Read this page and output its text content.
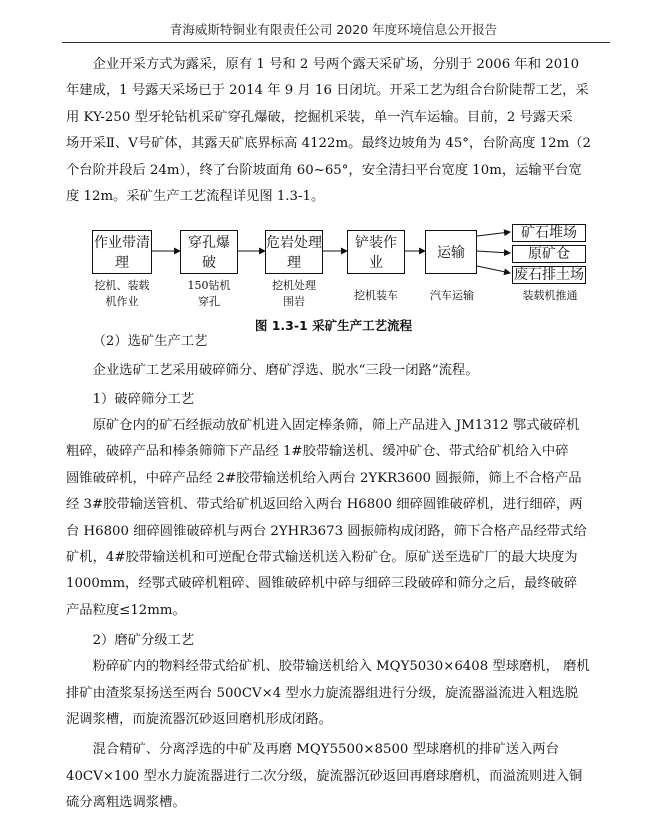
青海威斯特铜业有限责任公司 2020 年度环境信息公开报告

企业开采方式为露采，原有 1 号和 2 号两个露天采矿场，分别于 2006 年和 2010
年建成，1 号露天采场已于 2014 年 9 月 16 日闭坑。开采工艺为组合台阶陡帮工艺，采
用 KY-250 型牙轮钻机采矿穿孔爆破，挖掘机采装，单一汽车运输。目前，2 号露天采
场开采Ⅱ、Ⅴ号矿体，其露天矿底界标高 4122m。最终边坡角为 45°，台阶高度 12m（2
个台阶并段后 24m），终了台阶坡面角 60~65°，安全清扫平台宽度 10m，运输平台宽
度 12m。采矿生产工艺流程详见图 1.3-1。

作业带清
理
穿孔爆
破
危岩处理
理
铲装作
业
运输
矿石堆场
原矿仓
废石排土场
挖机、装载
机作业
150钻机
穿孔
挖机处理
围岩	挖机装车	汽车运输	装载机推通
图 1.3-1 采矿生产工艺流程

（2）选矿生产工艺

企业选矿工艺采用破碎筛分、磨矿浮选、脱水“三段一闭路”流程。

1）破碎筛分工艺

原矿仓内的矿石经振动放矿机进入固定棒条筛，筛上产品进入 JM1312 鄂式破碎机
粗碎，破碎产品和棒条筛筛下产品经 1#胶带输送机、缓冲矿仓、带式给矿机给入中碎
圆锥破碎机，中碎产品经 2#胶带输送机给入两台 2YKR3600 圆振筛，筛上不合格产品
经 3#胶带输送管机、带式给矿机返回给入两台 H6800 细碎圆锥破碎机，进行细碎，两
台 H6800 细碎圆锥破碎机与两台 2YHR3673 圆振筛构成闭路，筛下合格产品经带式给
矿机，4#胶带输送机和可逆配仓带式输送机送入粉矿仓。原矿送至选矿厂的最大块度为
1000mm，经鄂式破碎机粗碎、圆锥破碎机中碎与细碎三段破碎和筛分之后，最终破碎
产品粒度≤12mm。

2）磨矿分级工艺

粉碎矿内的物料经带式给矿机、胶带输送机给入 MQY5030×6408 型球磨机， 磨机
排矿由渣浆泵扬送至两台 500CV×4 型水力旋流器组进行分级，旋流器溢流进入粗选脱
泥调浆槽，而旋流器沉砂返回磨机形成闭路。

混合精矿、分离浮选的中矿及再磨 MQY5500×8500 型球磨机的排矿送入两台
40CV×100 型水力旋流器进行二次分级，旋流器沉砂返回再磨球磨机，而溢流则进入铜
硫分离粗选调浆槽。
